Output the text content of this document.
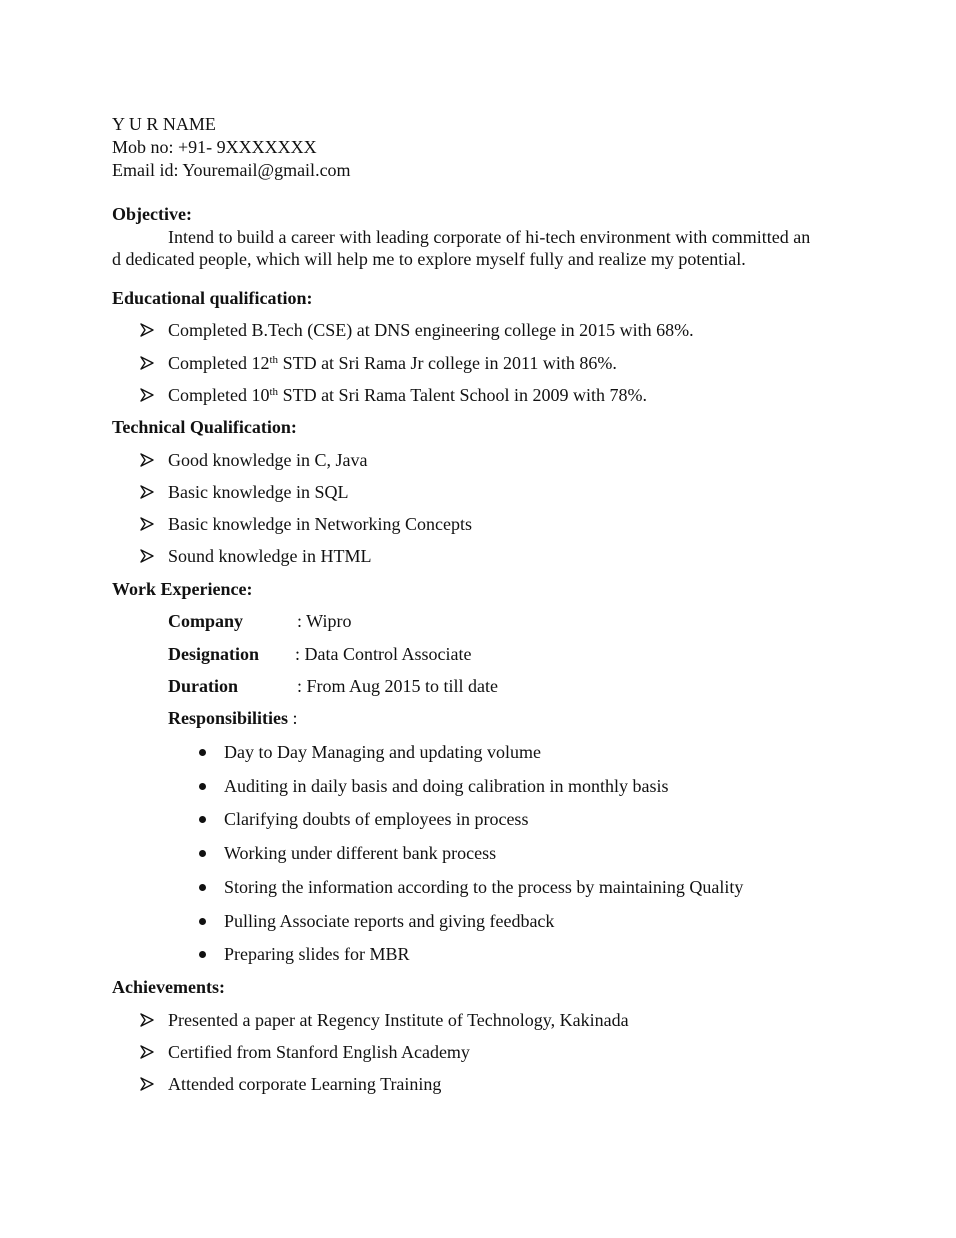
Y U R NAME
Mob no: +91- 9XXXXXXX
Email id: Youremail@gmail.com
Objective:
Intend to build a career with leading corporate of hi-tech environment with committed an
d dedicated people, which will help me to explore myself fully and realize my potential.
Educational qualification:
Completed B.Tech (CSE) at DNS engineering college in 2015 with 68%.
Completed 12th STD at Sri Rama Jr college in 2011 with 86%.
Completed 10th STD at Sri Rama Talent School in 2009 with 78%.
Technical Qualification:
Good knowledge in C, Java
Basic knowledge in SQL
Basic knowledge in Networking Concepts
Sound knowledge in HTML
Work Experience:
Company	: Wipro
Designation : Data Control Associate
Duration	: From Aug 2015 to till date
Responsibilities :
Day to Day Managing and updating volume
Auditing in daily basis and doing calibration in monthly basis
Clarifying doubts of employees in process
Working under different bank process
Storing the information according to the process by maintaining Quality
Pulling Associate reports and giving feedback
Preparing slides for MBR
Achievements:
Presented a paper at Regency Institute of Technology, Kakinada
Certified from Stanford English Academy
Attended corporate Learning Training
